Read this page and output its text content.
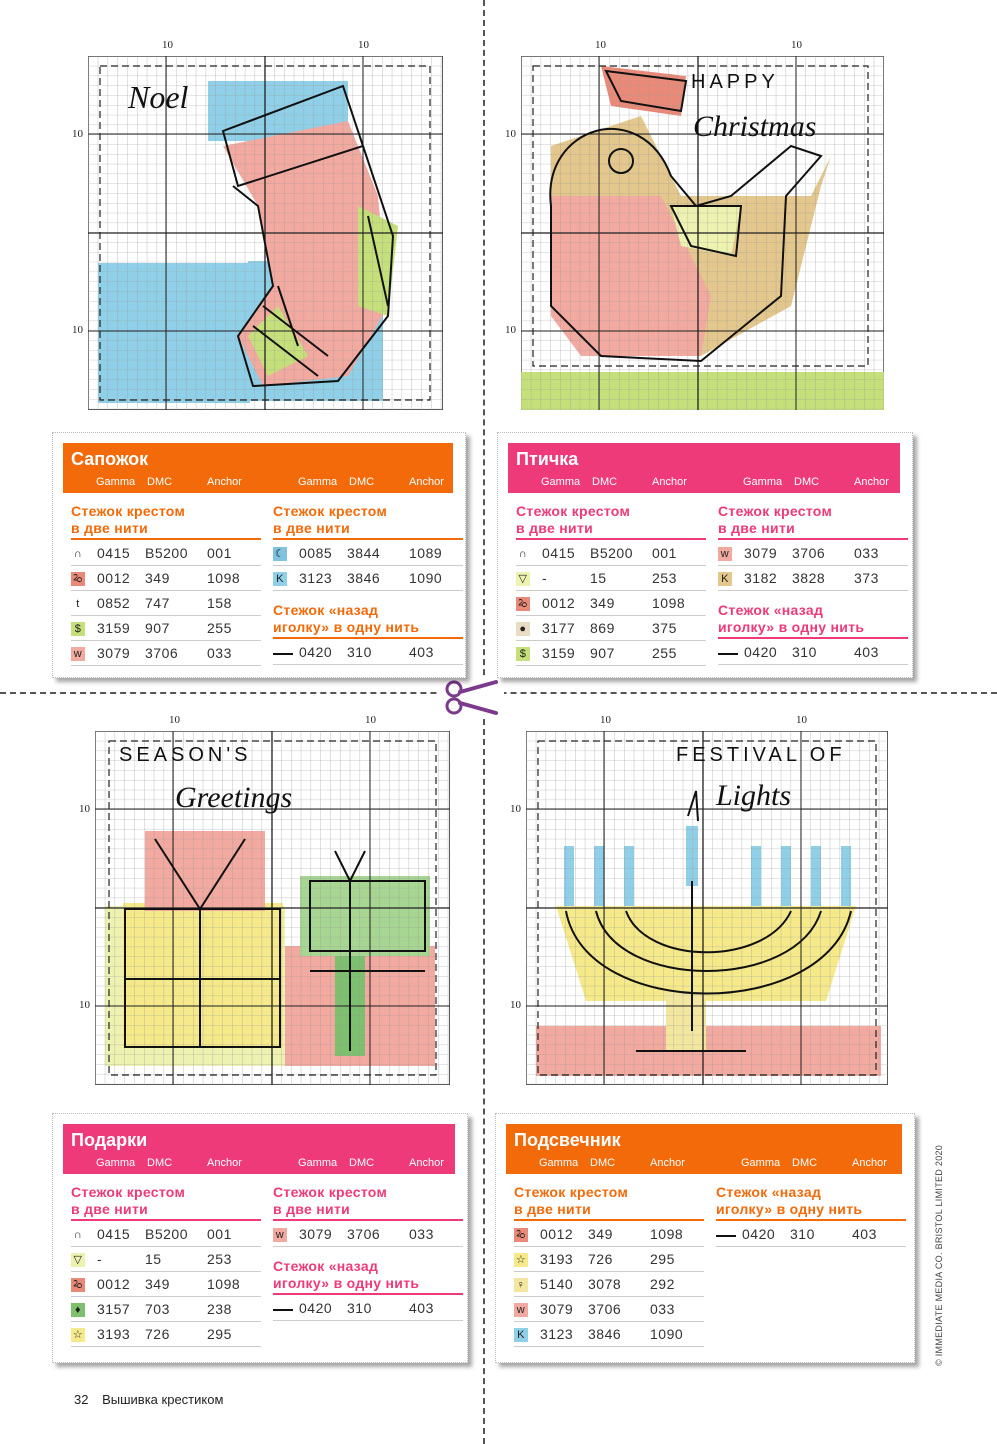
Noel
10	10
10
10
HAPPY
Christmas
10	10
10
10
SEASON'S
Greetings
10	10
10
10
FESTIVAL OF
Lights
10	10
10
10
Сапожок
Gamma DMC	Anchor	Gamma DMC	Anchor
Стежок крестом
в две нити
∩ 0415 B5200 001
ꕫ 0012 349	1098
t	0852 747	158
$ 3159 907	255
w 3079 3706 033
Стежок крестом
в две нити
☾ 0085 3844 1089
K 3123 3846 1090
Стежок «назад
иголку» в одну нить
0420 310	403
Птичка
Gamma DMC	Anchor	Gamma DMC	Anchor
Стежок крестом
в две нити
∩ 0415 B5200 001
▽ -	15	253
ꕫ 0012 349	1098
● 3177 869	375
$ 3159 907	255
Стежок крестом
в две нити
w 3079 3706 033
K 3182 3828 373
Стежок «назад
иголку» в одну нить
0420 310	403
Подарки
Gamma DMC	Anchor	Gamma DMC	Anchor
Стежок крестом
в две нити
∩ 0415 B5200 001
▽ -	15	253
ꕫ 0012 349	1098
♦ 3157 703	238
☆ 3193 726	295
Стежок крестом
в две нити
w 3079 3706 033
Стежок «назад
иголку» в одну нить
0420 310	403
Подсвечник
Gamma DMC	Anchor	Gamma DMC	Anchor
Стежок крестом
в две нити
ꕫ 0012 349	1098
☆ 3193 726	295
♀ 5140 3078 292
w 3079 3706 033
K 3123 3846 1090
Стежок «назад
иголку» в одну нить
0420 310	403
32 Вышивка крестиком
© IMMEDIATE MEDIA CO. BRISTOL LIMITED 2020
